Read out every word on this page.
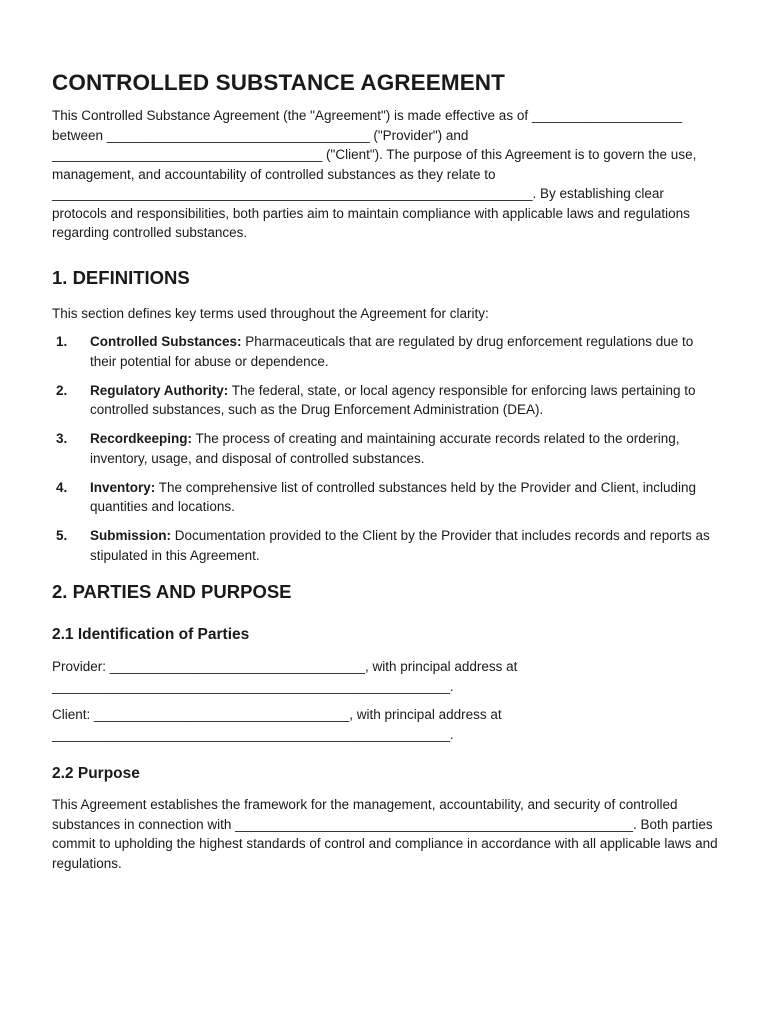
CONTROLLED SUBSTANCE AGREEMENT

This Controlled Substance Agreement (the "Agreement") is made effective as of ____________________ between ___________________________________ ("Provider") and ____________________________________ ("Client"). The purpose of this Agreement is to govern the use, management, and accountability of controlled substances as they relate to ________________________________________________________________. By establishing clear protocols and responsibilities, both parties aim to maintain compliance with applicable laws and regulations regarding controlled substances.

1. DEFINITIONS

This section defines key terms used throughout the Agreement for clarity:

1.	Controlled Substances: Pharmaceuticals that are regulated by drug enforcement regulations due to their potential for abuse or dependence.
2.	Regulatory Authority: The federal, state, or local agency responsible for enforcing laws pertaining to controlled substances, such as the Drug Enforcement Administration (DEA).
3.	Recordkeeping: The process of creating and maintaining accurate records related to the ordering, inventory, usage, and disposal of controlled substances.
4.	Inventory: The comprehensive list of controlled substances held by the Provider and Client, including quantities and locations.
5.	Submission: Documentation provided to the Client by the Provider that includes records and reports as stipulated in this Agreement.
2. PARTIES AND PURPOSE
2.1 Identification of Parties

Provider: __________________________________, with principal address at _____________________________________________________.

Client: __________________________________, with principal address at _____________________________________________________.

2.2 Purpose

This Agreement establishes the framework for the management, accountability, and security of controlled substances in connection with _____________________________________________________. Both parties commit to upholding the highest standards of control and compliance in accordance with all applicable laws and regulations.
